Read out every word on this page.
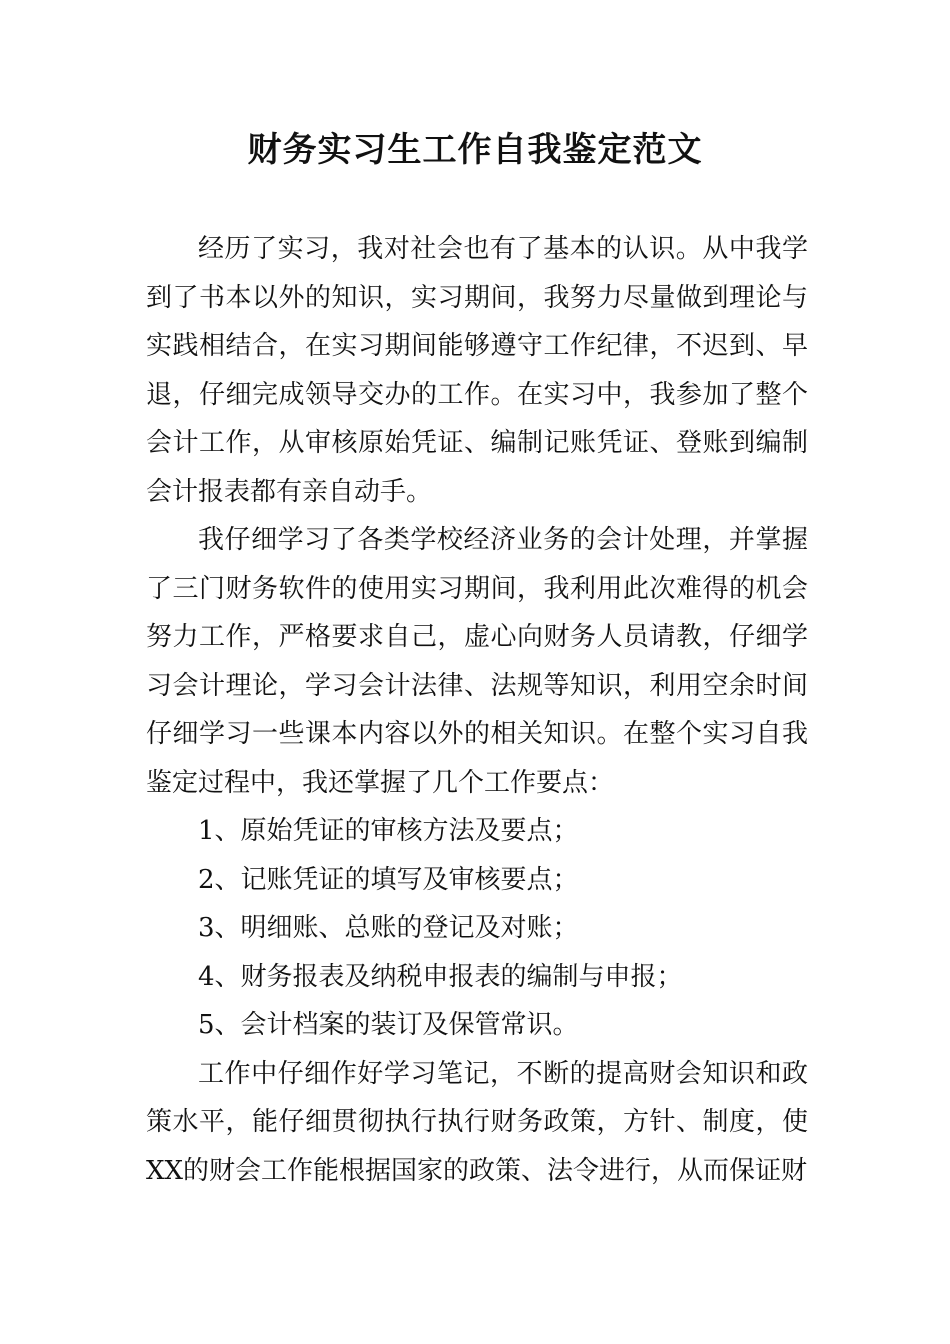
财务实习生工作自我鉴定范文

经历了实习，我对社会也有了基本的认识。从中我学到了书本以外的知识，实习期间，我努力尽量做到理论与实践相结合，在实习期间能够遵守工作纪律，不迟到、早退，仔细完成领导交办的工作。在实习中，我参加了整个会计工作，从审核原始凭证、编制记账凭证、登账到编制会计报表都有亲自动手。

我仔细学习了各类学校经济业务的会计处理，并掌握了三门财务软件的使用实习期间，我利用此次难得的机会努力工作，严格要求自己，虚心向财务人员请教，仔细学习会计理论，学习会计法律、法规等知识，利用空余时间仔细学习一些课本内容以外的相关知识。在整个实习自我鉴定过程中，我还掌握了几个工作要点：

1、原始凭证的审核方法及要点；

2、记账凭证的填写及审核要点；

3、明细账、总账的登记及对账；

4、财务报表及纳税申报表的编制与申报；

5、会计档案的装订及保管常识。

工作中仔细作好学习笔记，不断的提高财会知识和政策水平，能仔细贯彻执行执行财务政策，方针、制度，使XX的财会工作能根据国家的政策、法令进行，从而保证财
